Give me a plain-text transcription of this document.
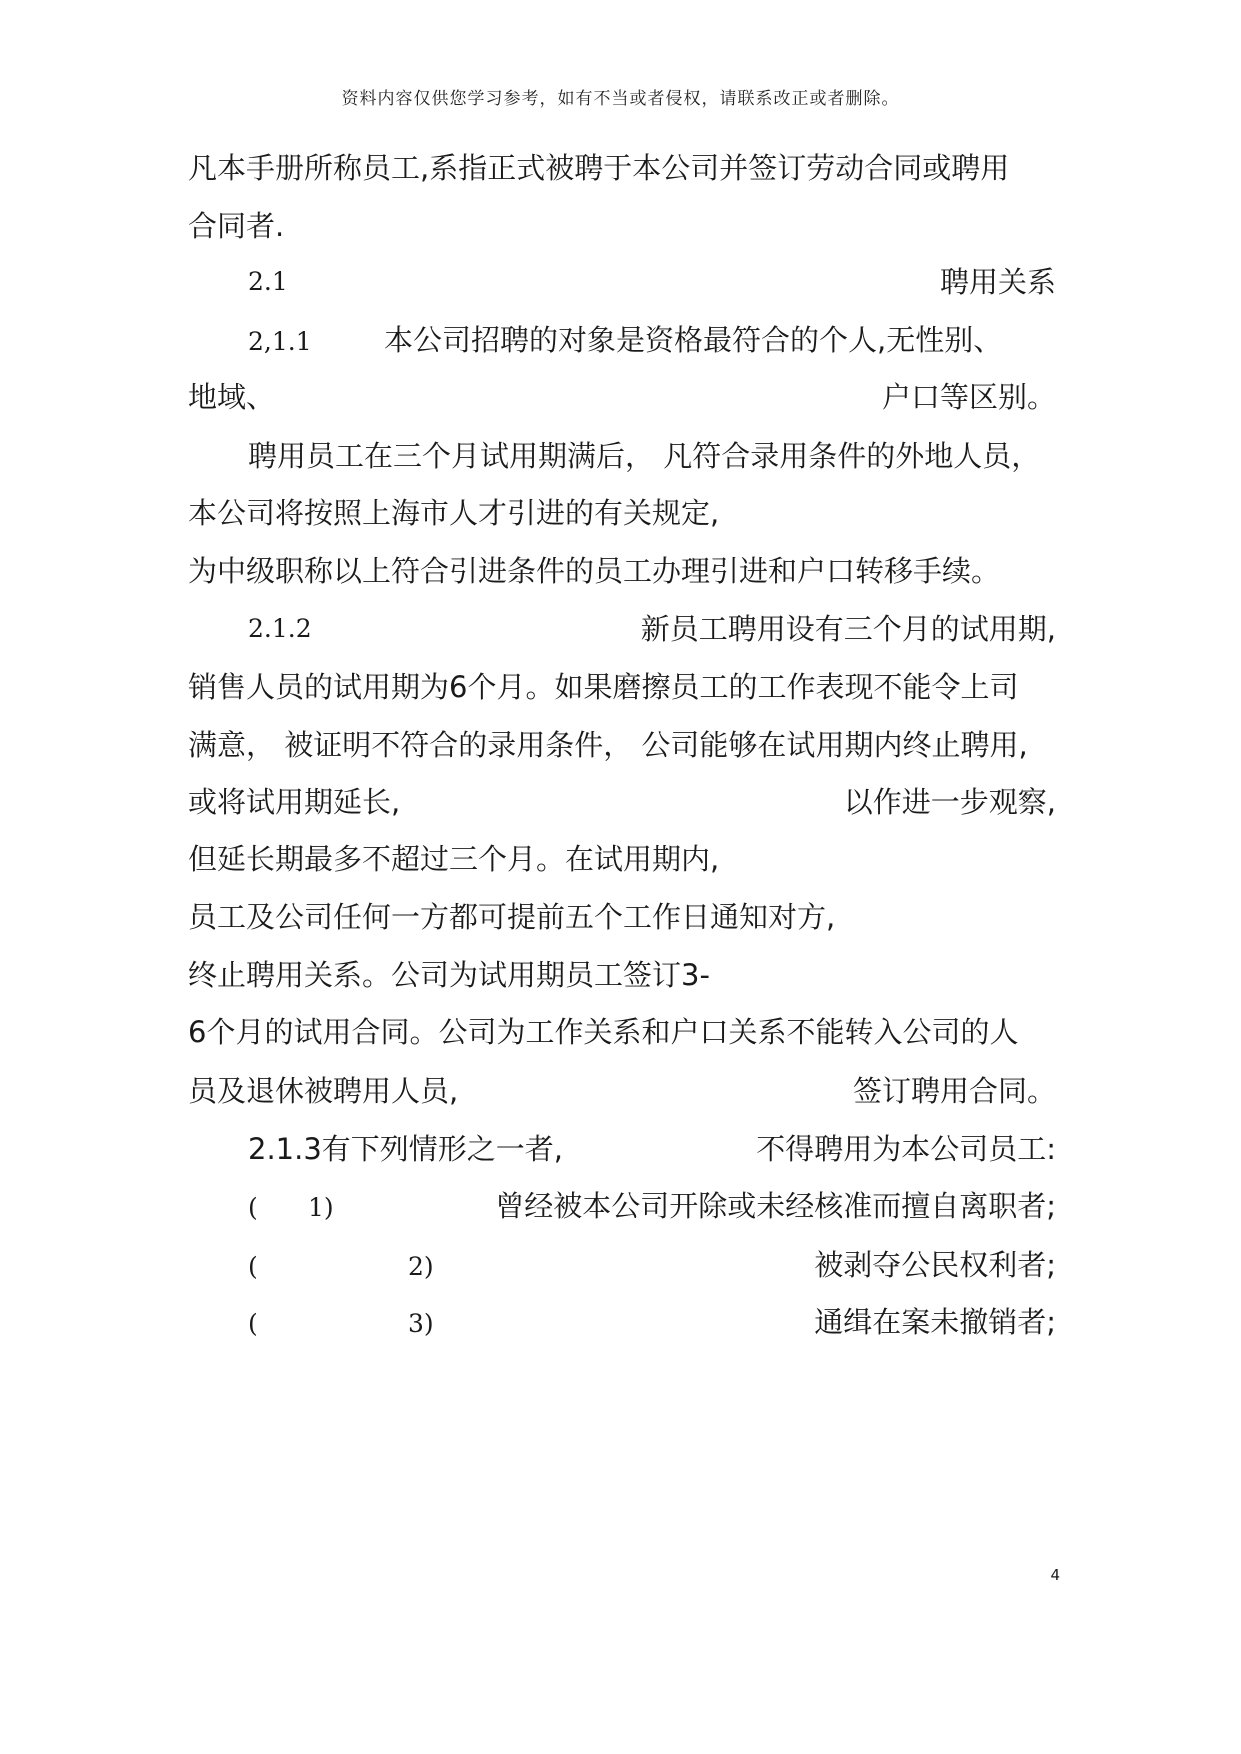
资料内容仅供您学习参考，如有不当或者侵权，请联系改正或者删除。
凡本手册所称员工,系指正式被聘于本公司并签订劳动合同或聘用
合同者.
2.1	聘用关系
2,1.1 本公司招聘的对象是资格最符合的个人,无性别、
地域、	户口等区别。
聘用员工在三个月试用期满后， 凡符合录用条件的外地人员，
本公司将按照上海市人才引进的有关规定,
为中级职称以上符合引进条件的员工办理引进和户口转移手续。
2.1.2	新员工聘用设有三个月的试用期,
销售人员的试用期为6个月。如果磨擦员工的工作表现不能令上司
满意， 被证明不符合的录用条件， 公司能够在试用期内终止聘用,
或将试用期延长,	以作进一步观察,
但延长期最多不超过三个月。在试用期内,
员工及公司任何一方都可提前五个工作日通知对方,
终止聘用关系。公司为试用期员工签订3-
6个月的试用合同。公司为工作关系和户口关系不能转入公司的人
员及退休被聘用人员,	签订聘用合同。
2.1.3有下列情形之一者,	不得聘用为本公司员工:
( 1)	曾经被本公司开除或未经核准而擅自离职者;
(	2)	被剥夺公民权利者;
(	3)	通缉在案未撤销者;
4
